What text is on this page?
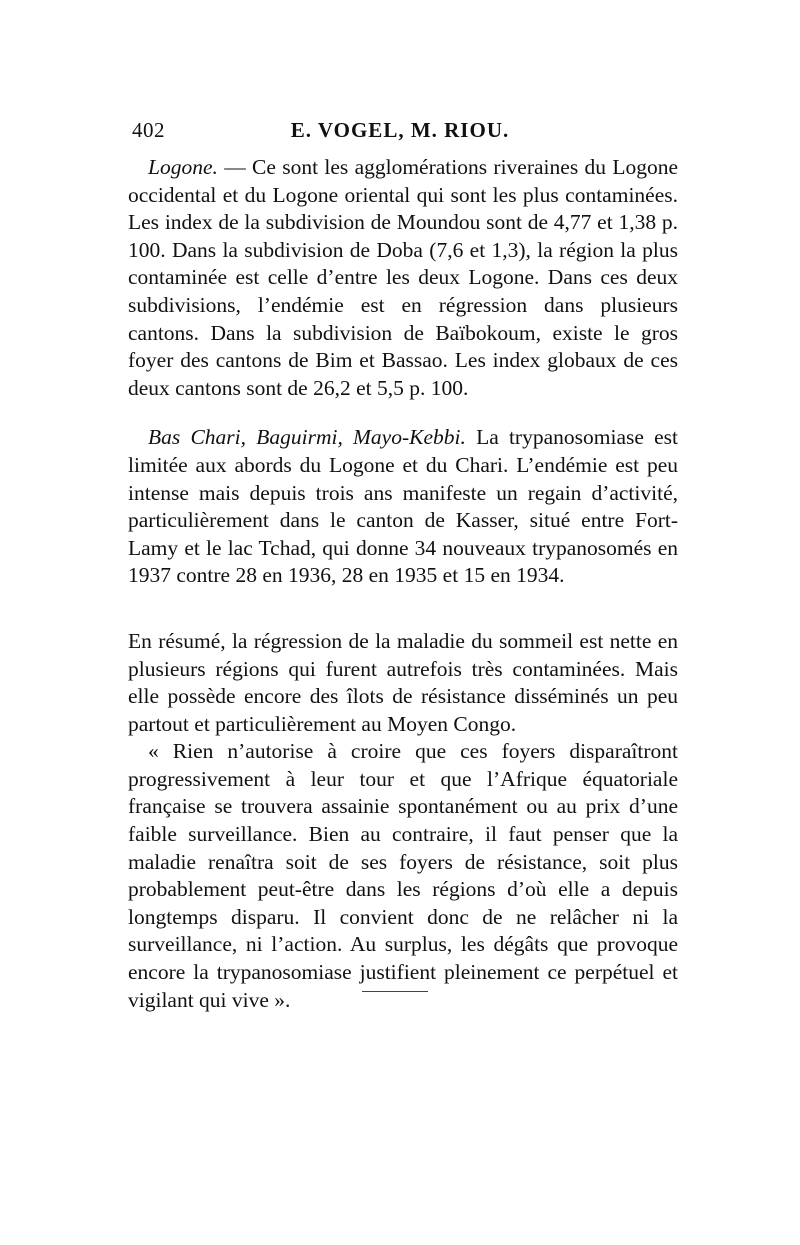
402	E. VOGEL, M. RIOU.

Logone. — Ce sont les agglomérations riveraines du Logone occidental et du Logone oriental qui sont les plus contaminées. Les index de la subdivision de Moundou sont de 4,77 et 1,38 p. 100. Dans la subdivision de Doba (7,6 et 1,3), la région la plus contaminée est celle d’entre les deux Logone. Dans ces deux subdivisions, l’endémie est en régression dans plusieurs cantons. Dans la subdivision de Baïbokoum, existe le gros foyer des cantons de Bim et Bassao. Les index globaux de ces deux cantons sont de 26,2 et 5,5 p. 100.

Bas Chari, Baguirmi, Mayo-Kebbi. La trypanosomiase est limitée aux abords du Logone et du Chari. L’endémie est peu intense mais depuis trois ans manifeste un regain d’activité, particulièrement dans le canton de Kasser, situé entre Fort-Lamy et le lac Tchad, qui donne 34 nouveaux trypanosomés en 1937 contre 28 en 1936, 28 en 1935 et 15 en 1934.

En résumé, la régression de la maladie du sommeil est nette en plusieurs régions qui furent autrefois très contaminées. Mais elle possède encore des îlots de résistance disséminés un peu partout et particulièrement au Moyen Congo.

« Rien n’autorise à croire que ces foyers disparaîtront progressivement à leur tour et que l’Afrique équatoriale française se trouvera assainie spontanément ou au prix d’une faible surveillance. Bien au contraire, il faut penser que la maladie renaîtra soit de ses foyers de résistance, soit plus probablement peut-être dans les régions d’où elle a depuis longtemps disparu. Il convient donc de ne relâcher ni la surveillance, ni l’action. Au surplus, les dégâts que provoque encore la trypanosomiase justifient pleinement ce perpétuel et vigilant qui vive ».
